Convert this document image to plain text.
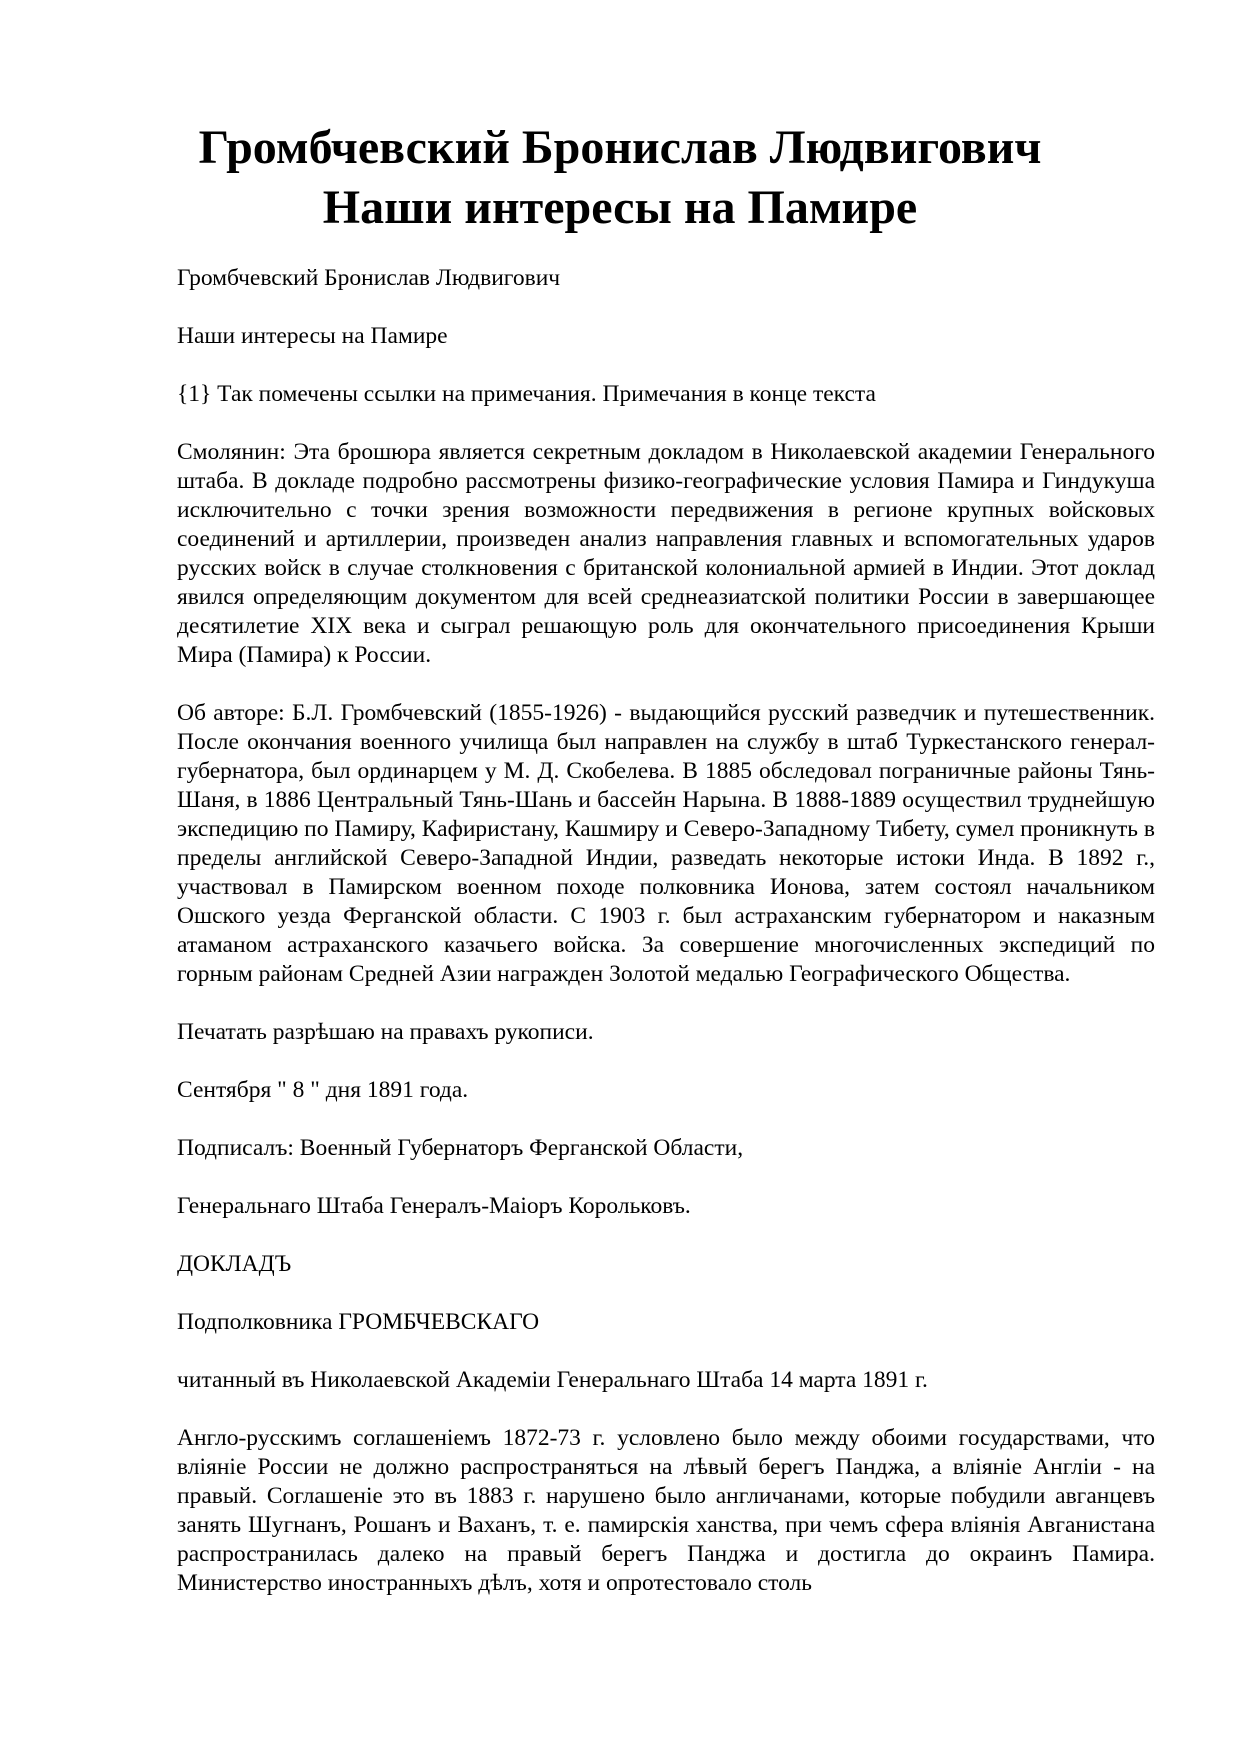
Громбчевский Бронислав Людвигович
Наши интересы на Памире

Громбчевский Бронислав Людвигович

Наши интересы на Памире

{1} Так помечены ссылки на примечания. Примечания в конце текста

Смолянин: Эта брошюра является секретным докладом в Николаевской академии Генерального штаба. В докладе подробно рассмотрены физико-географические условия Памира и Гиндукуша исключительно с точки зрения возможности передвижения в регионе крупных войсковых соединений и артиллерии, произведен анализ направления главных и вспомогательных ударов русских войск в случае столкновения с британской колониальной армией в Индии. Этот доклад явился определяющим документом для всей среднеазиатской политики России в завершающее десятилетие XIX века и сыграл решающую роль для окончательного присоединения Крыши Мира (Памира) к России.

Об авторе: Б.Л. Громбчевский (1855-1926) - выдающийся русский разведчик и путешественник. После окончания военного училища был направлен на службу в штаб Туркестанского генерал-губернатора, был ординарцем у М. Д. Скобелева. В 1885 обследовал пограничные районы Тянь-Шаня, в 1886 Центральный Тянь-Шань и бассейн Нарына. В 1888-1889 осуществил труднейшую экспедицию по Памиру, Кафиристану, Кашмиру и Северо-Западному Тибету, сумел проникнуть в пределы английской Северо-Западной Индии, разведать некоторые истоки Инда. В 1892 г., участвовал в Памирском военном походе полковника Ионова, затем состоял начальником Ошского уезда Ферганской области. С 1903 г. был астраханским губернатором и наказным атаманом астраханского казачьего войска. За совершение многочисленных экспедиций по горным районам Средней Азии награжден Золотой медалью Географического Общества.

Печатать разрѣшаю на правахъ рукописи.

Сентября " 8 " дня 1891 года.

Подписалъ: Военный Губернаторъ Ферганской Области,

Генеральнаго Штаба Генералъ-Маіоръ Корольковъ.

ДОКЛАДЪ

Подполковника ГРОМБЧЕВСКАГО

читанный въ Николаевской Академіи Генеральнаго Штаба 14 марта 1891 г.

Англо-русскимъ соглашеніемъ 1872-73 г. условлено было между обоими государствами, что вліяніе России не должно распространяться на лѣвый берегъ Панджа, а вліяніе Англіи - на правый. Соглашеніе это въ 1883 г. нарушено было англичанами, которые побудили авганцевъ занять Шугнанъ, Рошанъ и Ваханъ, т. е. памирскія ханства, при чемъ сфера вліянія Авганистана распространилась далеко на правый берегъ Панджа и достигла до окраинъ Памира. Министерство иностранныхъ дѣлъ, хотя и опротестовало столь
